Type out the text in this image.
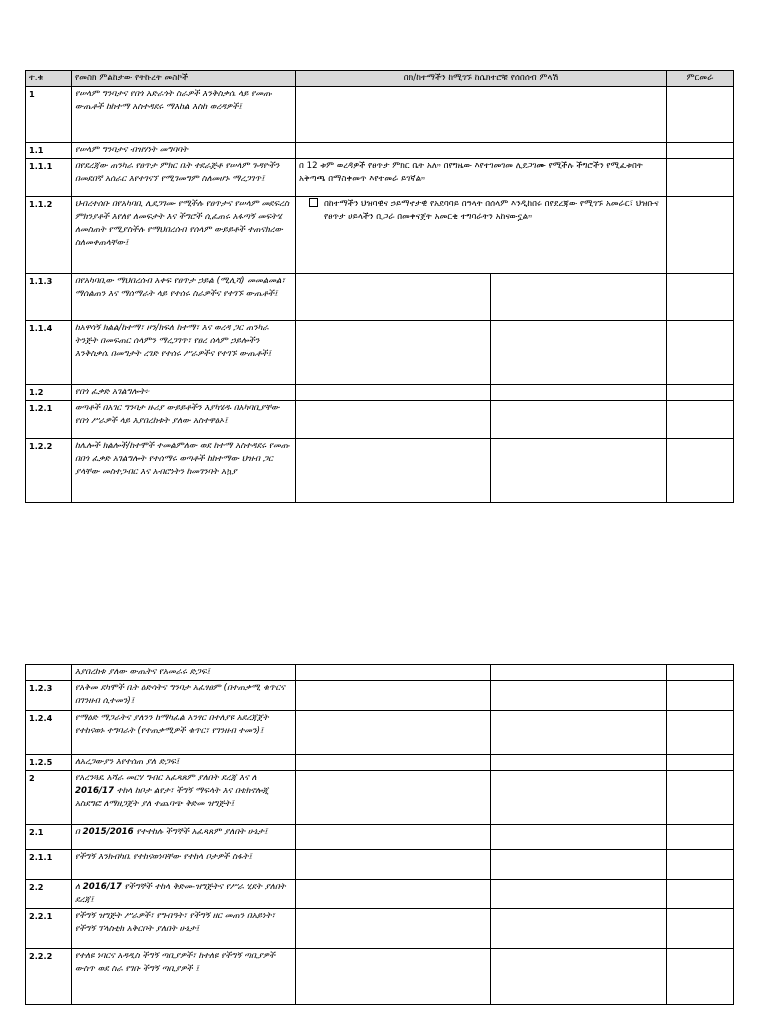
ተ.ቁ	የመስክ ምልከታው የትኩረት መስኮች	በክ/ከተማችን ከሚገኙ ከሴክተሮቹ የሰበሰብ ምላሽ		ምርመራ
1	የሠላም ግንባታና የበጎ አድራጎት ስራዎች እንቅስቃሴ ላይ የመጡ ውጤቶች ከከተማ አስተዳደሩ ማእከል እስከ ወረዳዎች፤			
1.1	የሠላም ግንባታና ብዝሃነት መግባባት			
1.1.1	በየደረጃው ጠንካራ የፀጥታ ምክር ቤት ተደራጅቶ የሠላም ጉዳዮችን በመደበኛ አሰራር እየተገናኘ የሚገመግም ስለመሆኑ ማረጋገጥ፤	በ 12 ቱም ወረዳዎች የፀጥታ ምክር ቤት አለ። በየግዜው እየተገመገመ ሊደጋገሙ የሚችሉ ችግሮችን የሚፈቱበት አቅጣጫ በማስቀመጥ እየተመራ ይገኛል።		
1.1.2	ህብረተሰቡ በየአካባቢ ሊደጋገሙ የሚችሉ የፀጥታና የሠላም መደፍረስ ምክንያቶች እየለየ ለመፍታት እና ችግሮች ሲፈጠሩ አፋጣኝ መፍትሄ ለመስጠት የሚያስችሉ የማህበረሰብ የሰላም ውይይቶች ተጠናክረው ስለመቀጠላቸው፤	በከተማችን ህዝባዊና ኃይማኖታዊ የአደባባይ በዓላት በሰላም እንዲከበሩ በየደረጃው የሚገኙ አመራር፣ ህዝቡና የፀጥታ ሀይላችን ቢጋራ በመቀናጀት አመርቂ ተግባራትን አከናውኗል።		

1.1.3	በየአካባቢው ማህበረሰብ አቀፍ የፀጥታ ኃይል (ሚሊሻ) መመልመል፣ ማሰልጠን እና ማሰማራት ላይ የተሰሩ ስራዎችና የተገኙ ውጤቶች፤			
1.1.4	ከአዋሳኝ ክልል/ከተማ፣ ዞን/ክፍለ ከተማ፣ እና ወረዳ ጋር ጠንካራ ትንጅት በመፍጠር ሰላምን ማረጋገጥ፣ የፀረ ሰላም ኃይሎችን እንቅስቃሴ በመግታት ረገድ የተሰሩ ሥራዎችና የተገኙ ውጤቶች፤			
1.2	የበጎ ፈቃድ አገልግሎት፦			
1.2.1	ወጣቶች በአገር ግንባታ ዙሪያ ውይይቶችን እያካሄዱ በአካባቢያቸው የበጎ ሥራዎች ላይ እያበረከቱት ያለው አስተዋፅኦ፤			
1.2.2	ከሌሎች ክልሎች/ከተሞች ተመልምለው ወደ ከተማ አስተዳደሩ የመጡ በበጎ ፈቃድ አገልግሎት የተሰማሩ ወጣቶች ከከተማው ህዝብ ጋር ያላቸው መስተጋብር እና አብሮነትን ከመገንባት አኳያ			
	እያበረከቱ ያለው ውጤትና የአመራሩ ድጋፍ፤			
1.2.3	የአቅመ ደካሞች ቤት ዕድሳትና ግንባታ አፈፃፀም (በተጠቃሚ ቁጥርና በገንዘብ ሲተመን)፤			
1.2.4	የማዕድ ማጋራትና ያለንን ከማካፈል አንፃር በተለያዩ አደረጃጀት የተከናወኑ ተግባራት (የተጠቃሚዎች ቁጥር፣ የገንዘብ ተመን)፤			
1.2.5	ለአረጋውያን እየተሰጠ ያለ ድጋፍ፤			
2	የአረንጓዴ አሻራ መርሃ ግብር አፈጻጸም ያለበት ደረጃ እና ለ 2016/17 ተከላ ከቦታ ልየታ፣ ችግኝ ማፍላት እና በቴክኖሎጂ አስደግፎ ለማዘጋጀት ያለ ተጨባጭ ቅድመ ዝግጅት፤			
2.1	በ 2015/2016 የተተከሉ ችግኞች አፈጻጸም ያለበት ሁኔታ፤			
2.1.1	የችግኝ እንክብካቤ የተከናወነባቸው የተከላ ቦታዎች ስፋት፤			
2.2	ለ 2016/17 የችግኞች ተከላ ቅድመ-ዝግጅትና የሥራ ሂደት ያለበት ደረጃ፤			
2.2.1	የችግኝ ዝግጅት ሥራዎች፣ የግብዓት፣ የችግኝ ዘር መጠን በአይነት፣ የችግኝ ፕላስቲክ አቅርቦት ያለበት ሁኔታ፤			
2.2.2	የተለዩ ነባርና አዳዲስ ችግኝ ጣቢያዎች፣ ከተለዩ የችግኝ ጣቢያዎች ውስጥ ወደ ስራ የገቡ ችግኝ ጣቢያዎች ፤			
